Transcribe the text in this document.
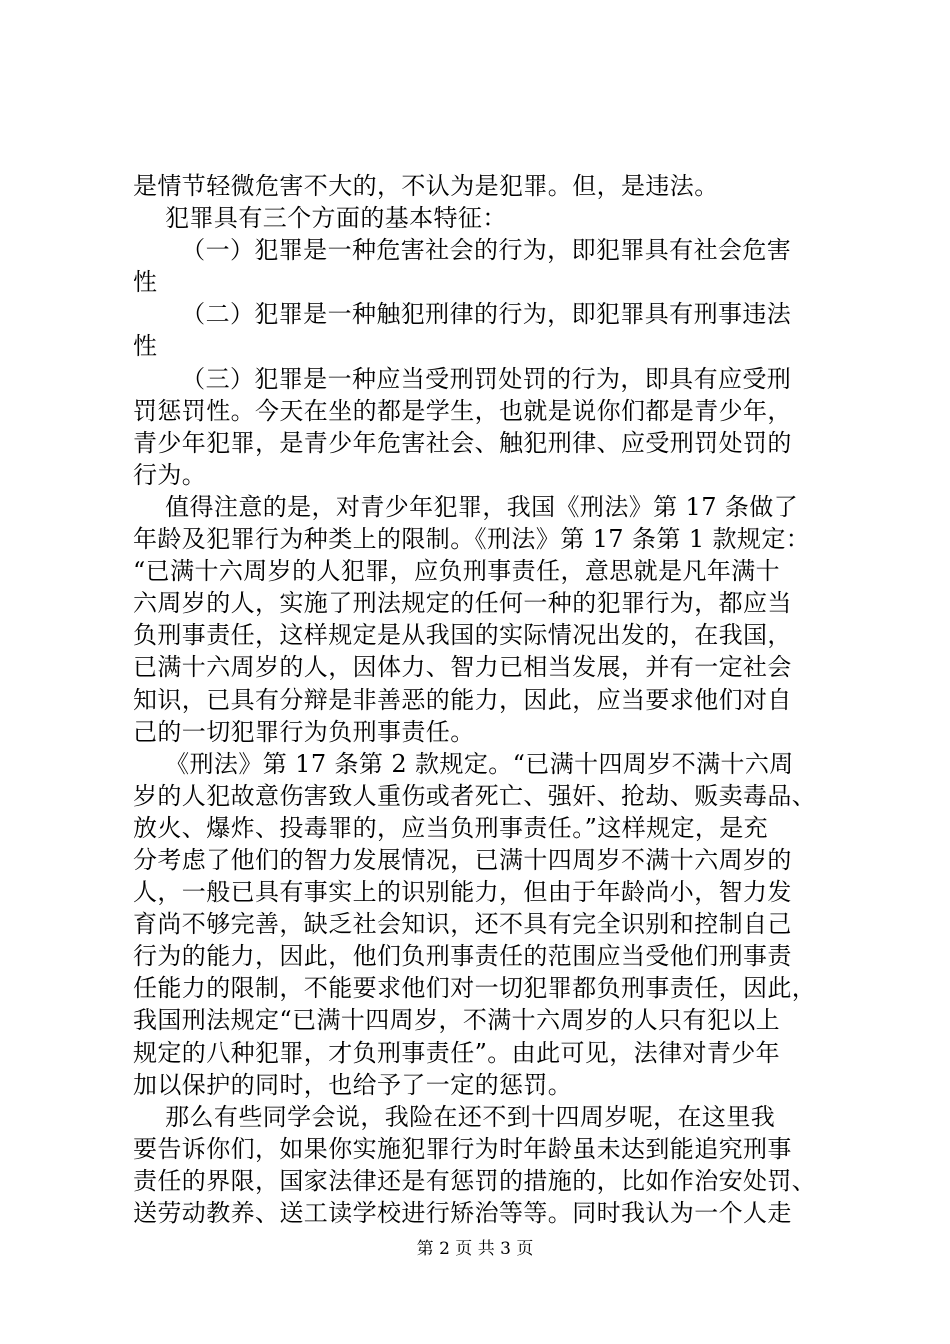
是情节轻微危害不大的，不认为是犯罪。但，是违法。
犯罪具有三个方面的基本特征：
（一）犯罪是一种危害社会的行为，即犯罪具有社会危害
性
（二）犯罪是一种触犯刑律的行为，即犯罪具有刑事违法
性
（三）犯罪是一种应当受刑罚处罚的行为，即具有应受刑
罚惩罚性。今天在坐的都是学生，也就是说你们都是青少年，
青少年犯罪，是青少年危害社会、触犯刑律、应受刑罚处罚的
行为。
值得注意的是，对青少年犯罪，我国《刑法》第 17 条做了
年龄及犯罪行为种类上的限制。《刑法》第 17 条第 1 款规定：
“已满十六周岁的人犯罪，应负刑事责任，意思就是凡年满十
六周岁的人，实施了刑法规定的任何一种的犯罪行为，都应当
负刑事责任，这样规定是从我国的实际情况出发的，在我国，
已满十六周岁的人，因体力、智力已相当发展，并有一定社会
知识，已具有分辩是非善恶的能力，因此，应当要求他们对自
己的一切犯罪行为负刑事责任。
《刑法》第 17 条第 2 款规定。“已满十四周岁不满十六周
岁的人犯故意伤害致人重伤或者死亡、强奸、抢劫、贩卖毒品、
放火、爆炸、投毒罪的，应当负刑事责任。”这样规定，是充
分考虑了他们的智力发展情况，已满十四周岁不满十六周岁的
人，一般已具有事实上的识别能力，但由于年龄尚小，智力发
育尚不够完善，缺乏社会知识，还不具有完全识别和控制自己
行为的能力，因此，他们负刑事责任的范围应当受他们刑事责
任能力的限制，不能要求他们对一切犯罪都负刑事责任，因此，
我国刑法规定“已满十四周岁，不满十六周岁的人只有犯以上
规定的八种犯罪，才负刑事责任”。由此可见，法律对青少年
加以保护的同时，也给予了一定的惩罚。
那么有些同学会说，我险在还不到十四周岁呢，在这里我
要告诉你们，如果你实施犯罪行为时年龄虽未达到能追究刑事
责任的界限，国家法律还是有惩罚的措施的，比如作治安处罚、
送劳动教养、送工读学校进行矫治等等。同时我认为一个人走
第 2 页 共 3 页
